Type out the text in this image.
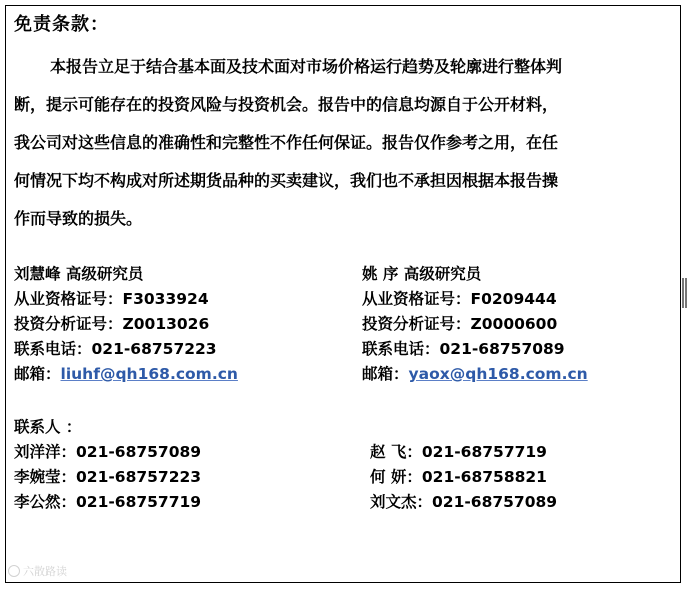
免责条款：
本报告立足于结合基本面及技术面对市场价格运行趋势及轮廓进行整体判
断，提示可能存在的投资风险与投资机会。报告中的信息均源自于公开材料，
我公司对这些信息的准确性和完整性不作任何保证。报告仅作参考之用，在任
何情况下均不构成对所述期货品种的买卖建议，我们也不承担因根据本报告操
作而导致的损失。
刘慧峰 高级研究员
从业资格证号：F3033924
投资分析证号：Z0013026
联系电话：021-68757223
邮箱：liuhf@qh168.com.cn
姚 序 高级研究员
从业资格证号：F0209444
投资分析证号：Z0000600
联系电话：021-68757089
邮箱：yaox@qh168.com.cn
联系人 ：
刘洋洋：021-68757089
李婉莹：021-68757223
李公然：021-68757719
赵 飞：021-68757719
何 妍：021-68758821
刘文杰：021-68757089
六散路读
